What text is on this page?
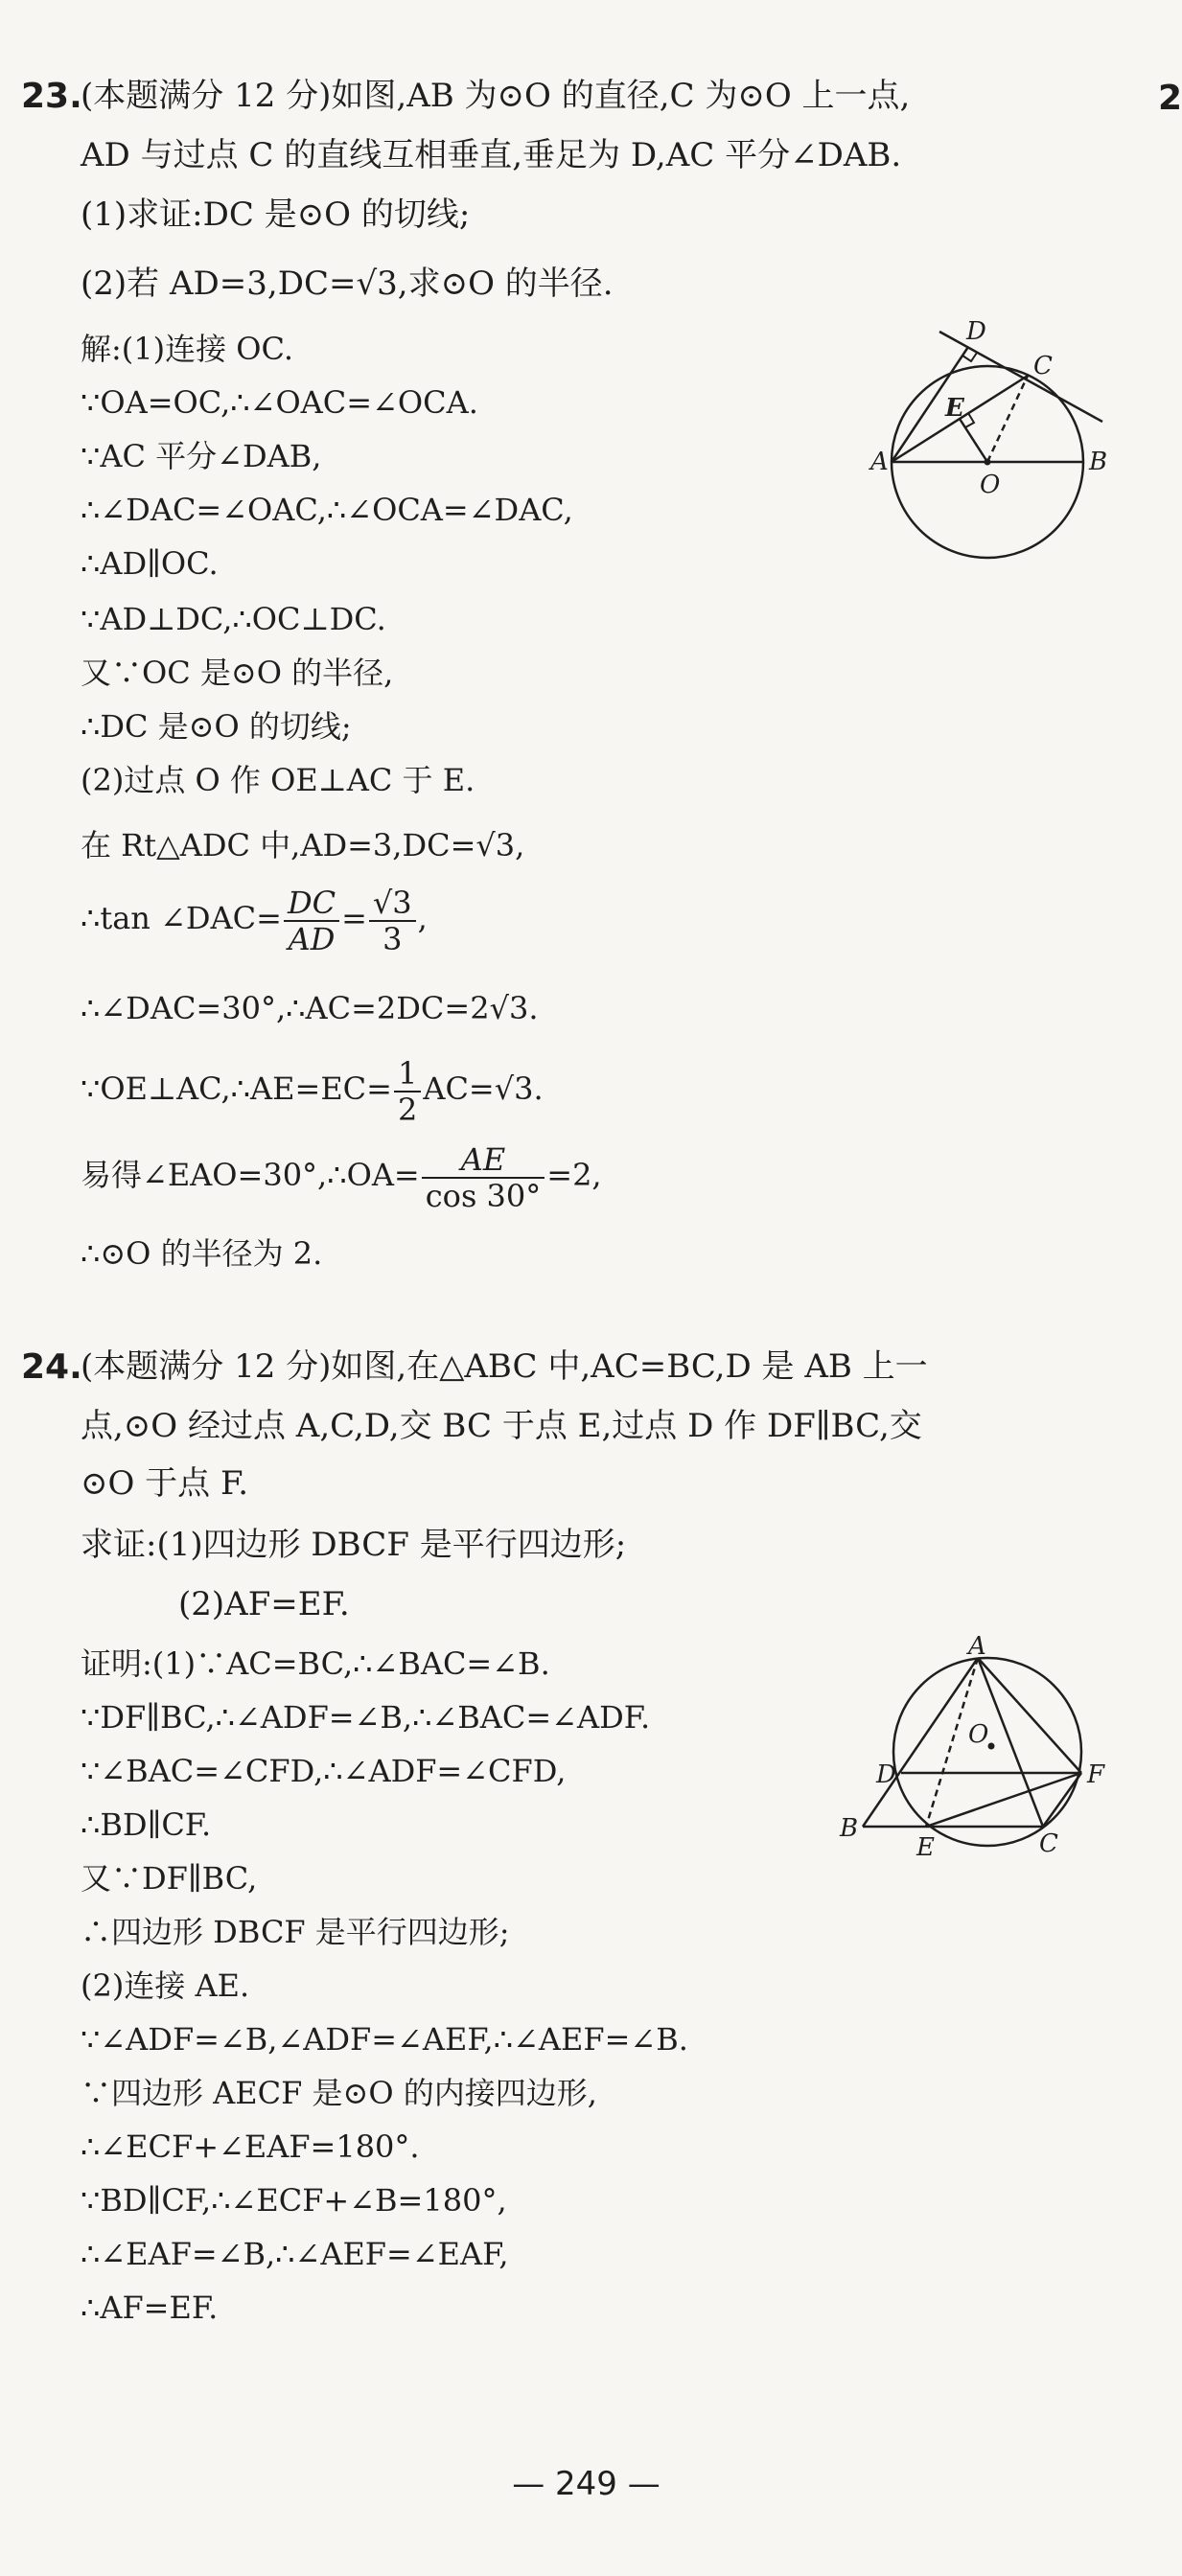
2
23.
(本题满分 12 分)如图,AB 为⊙O 的直径,C 为⊙O 上一点,
AD 与过点 C 的直线互相垂直,垂足为 D,AC 平分∠DAB.
(1)求证:DC 是⊙O 的切线;
(2)若 AD=3,DC=√3,求⊙O 的半径.
解:(1)连接 OC.
∵OA=OC,∴∠OAC=∠OCA.
∵AC 平分∠DAB,
∴∠DAC=∠OAC,∴∠OCA=∠DAC,
∴AD∥OC.
∵AD⊥DC,∴OC⊥DC.
又∵OC 是⊙O 的半径,
∴DC 是⊙O 的切线;
(2)过点 O 作 OE⊥AC 于 E.
在 Rt△ADC 中,AD=3,DC=√3,
∴tan ∠DAC= $\frac{DC}{AD} = \frac{√3}{3}$ ,
∴∠DAC=30°,∴AC=2DC=2√3.
∵OE⊥AC,∴AE=EC= $\frac{1}{2} AC=√3$.
易得∠EAO=30°,∴OA= $\frac{AE}{\cos 30^\circ} =2$,
∴⊙O 的半径为 2.
D
C
E
A	B
O
24.
(本题满分 12 分)如图,在△ABC 中,AC=BC,D 是 AB 上一
点,⊙O 经过点 A,C,D,交 BC 于点 E,过点 D 作 DF∥BC,交
⊙O 于点 F.
求证:(1)四边形 DBCF 是平行四边形;
(2)AF=EF.
证明:(1)∵AC=BC,∴∠BAC=∠B.
∵DF∥BC,∴∠ADF=∠B,∴∠BAC=∠ADF.
∵∠BAC=∠CFD,∴∠ADF=∠CFD,
∴BD∥CF.
又∵DF∥BC,
∴四边形 DBCF 是平行四边形;
(2)连接 AE.
∵∠ADF=∠B,∠ADF=∠AEF,∴∠AEF=∠B.
∵四边形 AECF 是⊙O 的内接四边形,
∴∠ECF+∠EAF=180°.
∵BD∥CF,∴∠ECF+∠B=180°,
∴∠EAF=∠B,∴∠AEF=∠EAF,
∴AF=EF.
A
O
D	F
B
E	C
— 249 —
